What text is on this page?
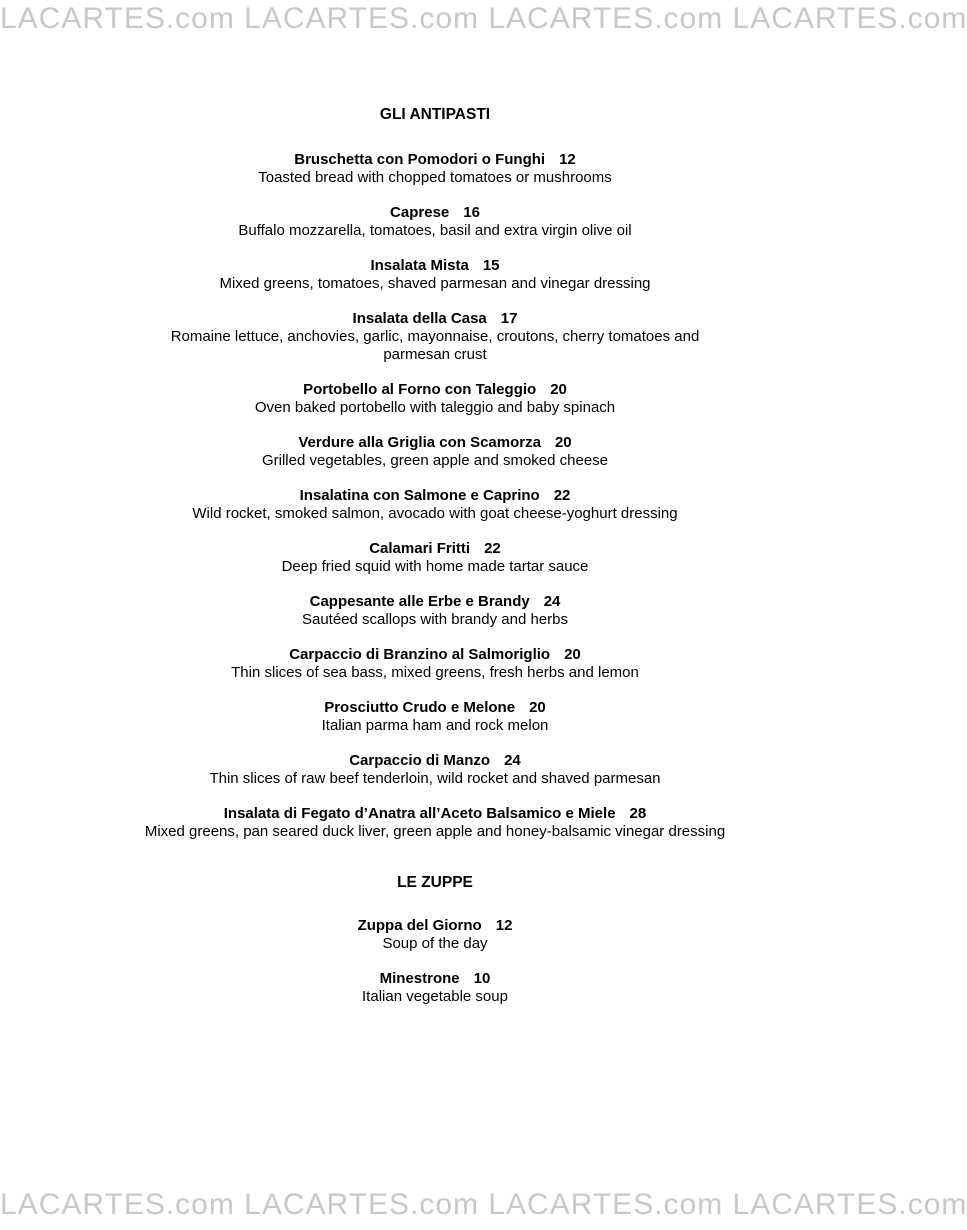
LACARTES.com LACARTES.com LACARTES.com LACARTES.com
GLI ANTIPASTI
Bruschetta con Pomodori o Funghi 12
Toasted bread with chopped tomatoes or mushrooms
Caprese 16
Buffalo mozzarella, tomatoes, basil and extra virgin olive oil
Insalata Mista 15
Mixed greens, tomatoes, shaved parmesan and vinegar dressing
Insalata della Casa 17
Romaine lettuce, anchovies, garlic, mayonnaise, croutons, cherry tomatoes and parmesan crust
Portobello al Forno con Taleggio 20
Oven baked portobello with taleggio and baby spinach
Verdure alla Griglia con Scamorza 20
Grilled vegetables, green apple and smoked cheese
Insalatina con Salmone e Caprino 22
Wild rocket, smoked salmon, avocado with goat cheese-yoghurt dressing
Calamari Fritti 22
Deep fried squid with home made tartar sauce
Cappesante alle Erbe e Brandy 24
Sautéed scallops with brandy and herbs
Carpaccio di Branzino al Salmoriglio 20
Thin slices of sea bass, mixed greens, fresh herbs and lemon
Prosciutto Crudo e Melone 20
Italian parma ham and rock melon
Carpaccio di Manzo 24
Thin slices of raw beef tenderloin, wild rocket and shaved parmesan
Insalata di Fegato d’Anatra all’Aceto Balsamico e Miele 28
Mixed greens, pan seared duck liver, green apple and honey-balsamic vinegar dressing
LE ZUPPE
Zuppa del Giorno 12
Soup of the day
Minestrone 10
Italian vegetable soup
LACARTES.com LACARTES.com LACARTES.com LACARTES.com
